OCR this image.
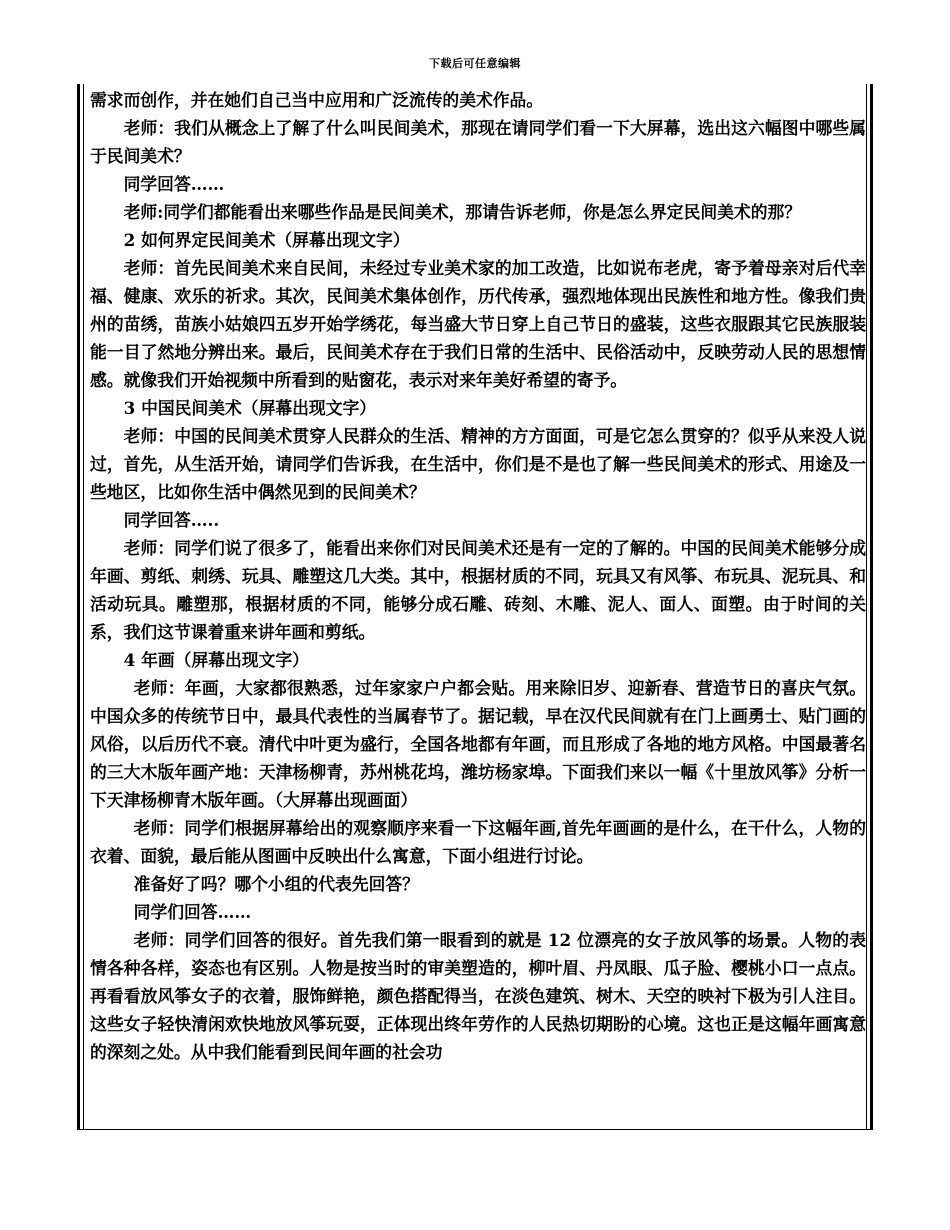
下载后可任意编辑

需求而创作，并在她们自己当中应用和广泛流传的美术作品。

老师：我们从概念上了解了什么叫民间美术，那现在请同学们看一下大屏幕，选出这六幅图中哪些属于民间美术？

同学回答……

老师:同学们都能看出来哪些作品是民间美术，那请告诉老师，你是怎么界定民间美术的那？

2 如何界定民间美术（屏幕出现文字）

老师：首先民间美术来自民间，未经过专业美术家的加工改造，比如说布老虎，寄予着母亲对后代幸福、健康、欢乐的祈求。其次，民间美术集体创作，历代传承，强烈地体现出民族性和地方性。像我们贵州的苗绣，苗族小姑娘四五岁开始学绣花，每当盛大节日穿上自己节日的盛装，这些衣服跟其它民族服装能一目了然地分辨出来。最后，民间美术存在于我们日常的生活中、民俗活动中，反映劳动人民的思想情感。就像我们开始视频中所看到的贴窗花，表示对来年美好希望的寄予。

3 中国民间美术（屏幕出现文字）

老师：中国的民间美术贯穿人民群众的生活、精神的方方面面，可是它怎么贯穿的？似乎从来没人说过，首先，从生活开始，请同学们告诉我，在生活中，你们是不是也了解一些民间美术的形式、用途及一些地区，比如你生活中偶然见到的民间美术？

同学回答…..

老师：同学们说了很多了，能看出来你们对民间美术还是有一定的了解的。中国的民间美术能够分成年画、剪纸、刺绣、玩具、雕塑这几大类。其中，根据材质的不同，玩具又有风筝、布玩具、泥玩具、和活动玩具。雕塑那，根据材质的不同，能够分成石雕、砖刻、木雕、泥人、面人、面塑。由于时间的关系，我们这节课着重来讲年画和剪纸。

4 年画（屏幕出现文字）

老师：年画，大家都很熟悉，过年家家户户都会贴。用来除旧岁、迎新春、营造节日的喜庆气氛。中国众多的传统节日中，最具代表性的当属春节了。据记载，早在汉代民间就有在门上画勇士、贴门画的风俗，以后历代不衰。清代中叶更为盛行，全国各地都有年画，而且形成了各地的地方风格。中国最著名的三大木版年画产地：天津杨柳青，苏州桃花坞，潍坊杨家埠。下面我们来以一幅《十里放风筝》分析一下天津杨柳青木版年画。（大屏幕出现画面）

老师：同学们根据屏幕给出的观察顺序来看一下这幅年画,首先年画画的是什么，在干什么，人物的衣着、面貌，最后能从图画中反映出什么寓意，下面小组进行讨论。

准备好了吗？哪个小组的代表先回答？

同学们回答……

老师：同学们回答的很好。首先我们第一眼看到的就是 12 位漂亮的女子放风筝的场景。人物的表情各种各样，姿态也有区别。人物是按当时的审美塑造的，柳叶眉、丹凤眼、瓜子脸、樱桃小口一点点。再看看放风筝女子的衣着，服饰鲜艳，颜色搭配得当，在淡色建筑、树木、天空的映衬下极为引人注目。这些女子轻快清闲欢快地放风筝玩耍，正体现出终年劳作的人民热切期盼的心境。这也正是这幅年画寓意的深刻之处。从中我们能看到民间年画的社会功
